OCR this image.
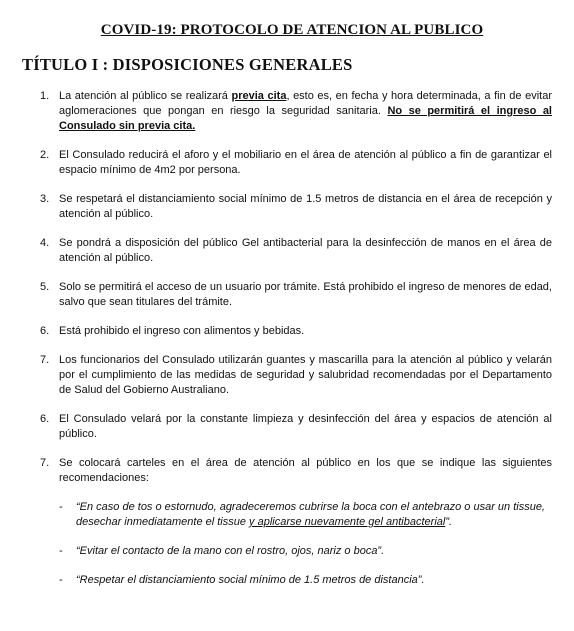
COVID-19: PROTOCOLO DE ATENCION AL PUBLICO
TÍTULO I : DISPOSICIONES GENERALES
1. La atención al público se realizará previa cita, esto es, en fecha y hora determinada, a fin de evitar aglomeraciones que pongan en riesgo la seguridad sanitaria. No se permitirá el ingreso al Consulado sin previa cita.
2. El Consulado reducirá el aforo y el mobiliario en el área de atención al público a fin de garantizar el espacio mínimo de 4m2 por persona.
3. Se respetará el distanciamiento social mínimo de 1.5 metros de distancia en el área de recepción y atención al público.
4. Se pondrá a disposición del público Gel antibacterial para la desinfección de manos en el área de atención al público.
5. Solo se permitirá el acceso de un usuario por trámite. Está prohibido el ingreso de menores de edad, salvo que sean titulares del trámite.
6. Está prohibido el ingreso con alimentos y bebidas.
7. Los funcionarios del Consulado utilizarán guantes y mascarilla para la atención al público y velarán por el cumplimiento de las medidas de seguridad y salubridad recomendadas por el Departamento de Salud del Gobierno Australiano.
6. El Consulado velará por la constante limpieza y desinfección del área y espacios de atención al público.
7. Se colocará carteles en el área de atención al público en los que se indique las siguientes recomendaciones:
- “En caso de tos o estornudo, agradeceremos cubrirse la boca con el antebrazo o usar un tissue, desechar inmediatamente el tissue y aplicarse nuevamente gel antibacterial”.
- “Evitar el contacto de la mano con el rostro, ojos, nariz o boca”.
- “Respetar el distanciamiento social mínimo de 1.5 metros de distancia”.
